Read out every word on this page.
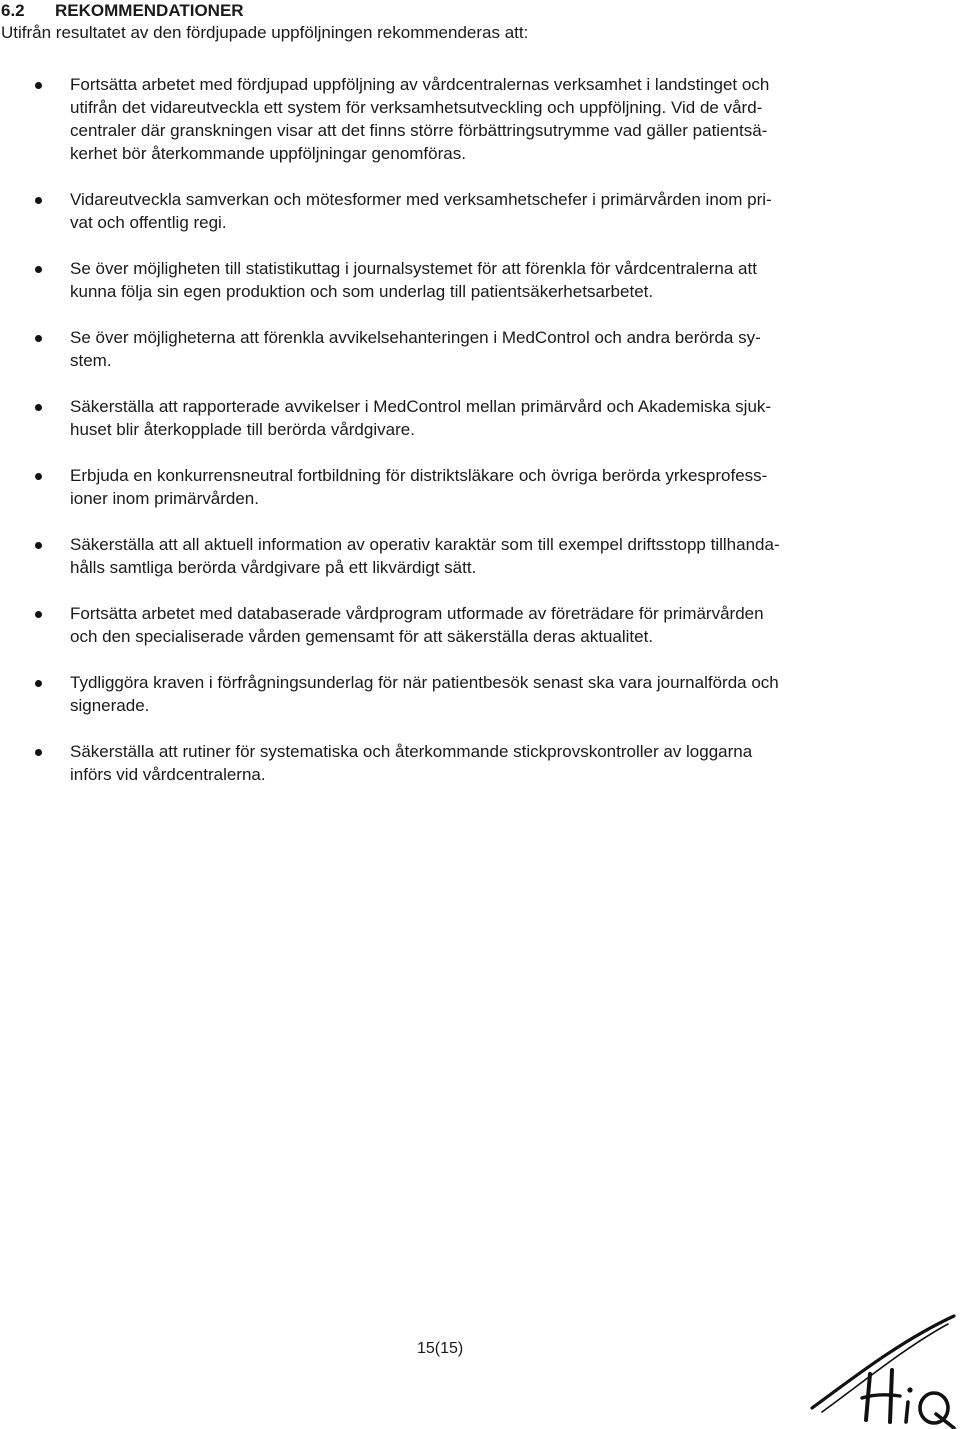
6.2 REKOMMENDATIONER
Utifrån resultatet av den fördjupade uppföljningen rekommenderas att:
Fortsätta arbetet med fördjupad uppföljning av vårdcentralernas verksamhet i landstinget och
utifrån det vidareutveckla ett system för verksamhetsutveckling och uppföljning. Vid de vård-
centraler där granskningen visar att det finns större förbättringsutrymme vad gäller patientsä-
kerhet bör återkommande uppföljningar genomföras.
Vidareutveckla samverkan och mötesformer med verksamhetschefer i primärvården inom pri-
vat och offentlig regi.
Se över möjligheten till statistikuttag i journalsystemet för att förenkla för vårdcentralerna att
kunna följa sin egen produktion och som underlag till patientsäkerhetsarbetet.
Se över möjligheterna att förenkla avvikelsehanteringen i MedControl och andra berörda sy-
stem.
Säkerställa att rapporterade avvikelser i MedControl mellan primärvård och Akademiska sjuk-
huset blir återkopplade till berörda vårdgivare.
Erbjuda en konkurrensneutral fortbildning för distriktsläkare och övriga berörda yrkesprofess-
ioner inom primärvården.
Säkerställa att all aktuell information av operativ karaktär som till exempel driftsstopp tillhanda-
hålls samtliga berörda vårdgivare på ett likvärdigt sätt.
Fortsätta arbetet med databaserade vårdprogram utformade av företrädare för primärvården
och den specialiserade vården gemensamt för att säkerställa deras aktualitet.
Tydliggöra kraven i förfrågningsunderlag för när patientbesök senast ska vara journalförda och
signerade.
Säkerställa att rutiner för systematiska och återkommande stickprovskontroller av loggarna
införs vid vårdcentralerna.
15(15)
